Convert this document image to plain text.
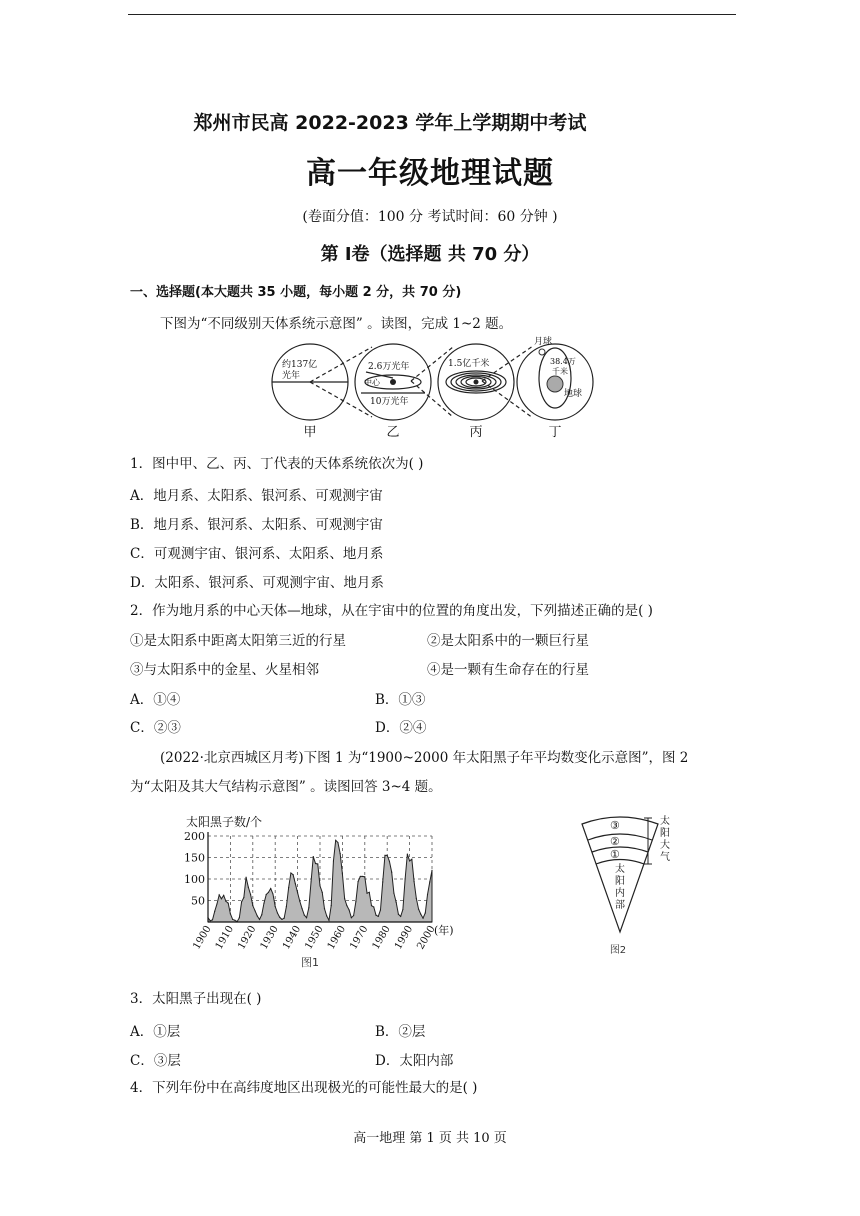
郑州市民高 2022-2023 学年上学期期中考试
高一年级地理试题
(卷面分值：100 分 考试时间：60 分钟 )
第 Ⅰ卷（选择题 共 70 分）
一、选择题(本大题共 35 小题，每小题 2 分，共 70 分)
下图为“不同级别天体系统示意图” 。读图，完成 1~2 题。
约137亿
光年
2.6万光年
中心
10万光年
1.5亿千米
月球
38.4万
千米
地球
甲	乙	丙	丁
1．图中甲、乙、丙、丁代表的天体系统依次为( )
A．地月系、太阳系、银河系、可观测宇宙
B．地月系、银河系、太阳系、可观测宇宙
C．可观测宇宙、银河系、太阳系、地月系
D．太阳系、银河系、可观测宇宙、地月系
2．作为地月系的中心天体—地球，从在宇宙中的位置的角度出发，下列描述正确的是( )
①是太阳系中距离太阳第三近的行星	②是太阳系中的一颗巨行星
③与太阳系中的金星、火星相邻	④是一颗有生命存在的行星
A．①④	B．①③
C．②③	D．②④
(2022·北京西城区月考)下图 1 为“1900~2000 年太阳黑子年平均数变化示意图”，图 2
为“太阳及其大气结构示意图” 。读图回答 3~4 题。
50
100
150
200
1900 1910 1920 1930 1940 1950 1960 1970 1980 1990 2000
太阳黑子数/个
(年)
图1
③
②
①
太阳内部
太阳大气
图2
3．太阳黑子出现在( )
A．①层	B．②层
C．③层	D．太阳内部
4．下列年份中在高纬度地区出现极光的可能性最大的是( )
高一地理 第 1 页 共 10 页
